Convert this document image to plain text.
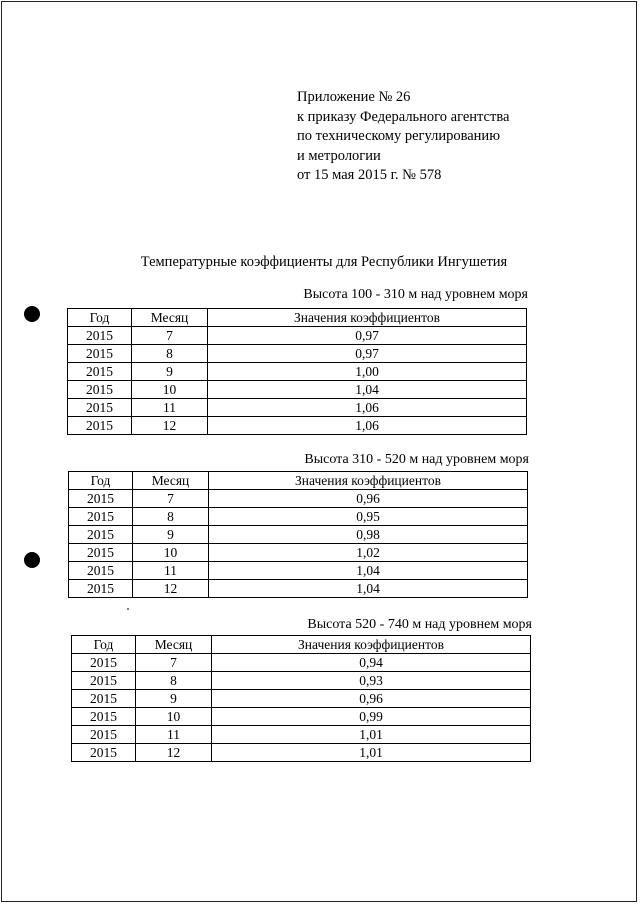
Приложение № 26
к приказу Федерального агентства
по техническому регулированию
и метрологии
от 15 мая 2015 г. № 578
Температурные коэффициенты для Республики Ингушетия
Высота 100 - 310 м над уровнем моря
Год	Месяц	Значения коэффициентов
2015	7	0,97
2015	8	0,97
2015	9	1,00
2015	10	1,04
2015	11	1,06
2015	12	1,06
Высота 310 - 520 м над уровнем моря
Год	Месяц	Значения коэффициентов
2015	7	0,96
2015	8	0,95
2015	9	0,98
2015	10	1,02
2015	11	1,04
2015	12	1,04
Высота 520 - 740 м над уровнем моря
Год	Месяц	Значения коэффициентов
2015	7	0,94
2015	8	0,93
2015	9	0,96
2015	10	0,99
2015	11	1,01
2015	12	1,01
